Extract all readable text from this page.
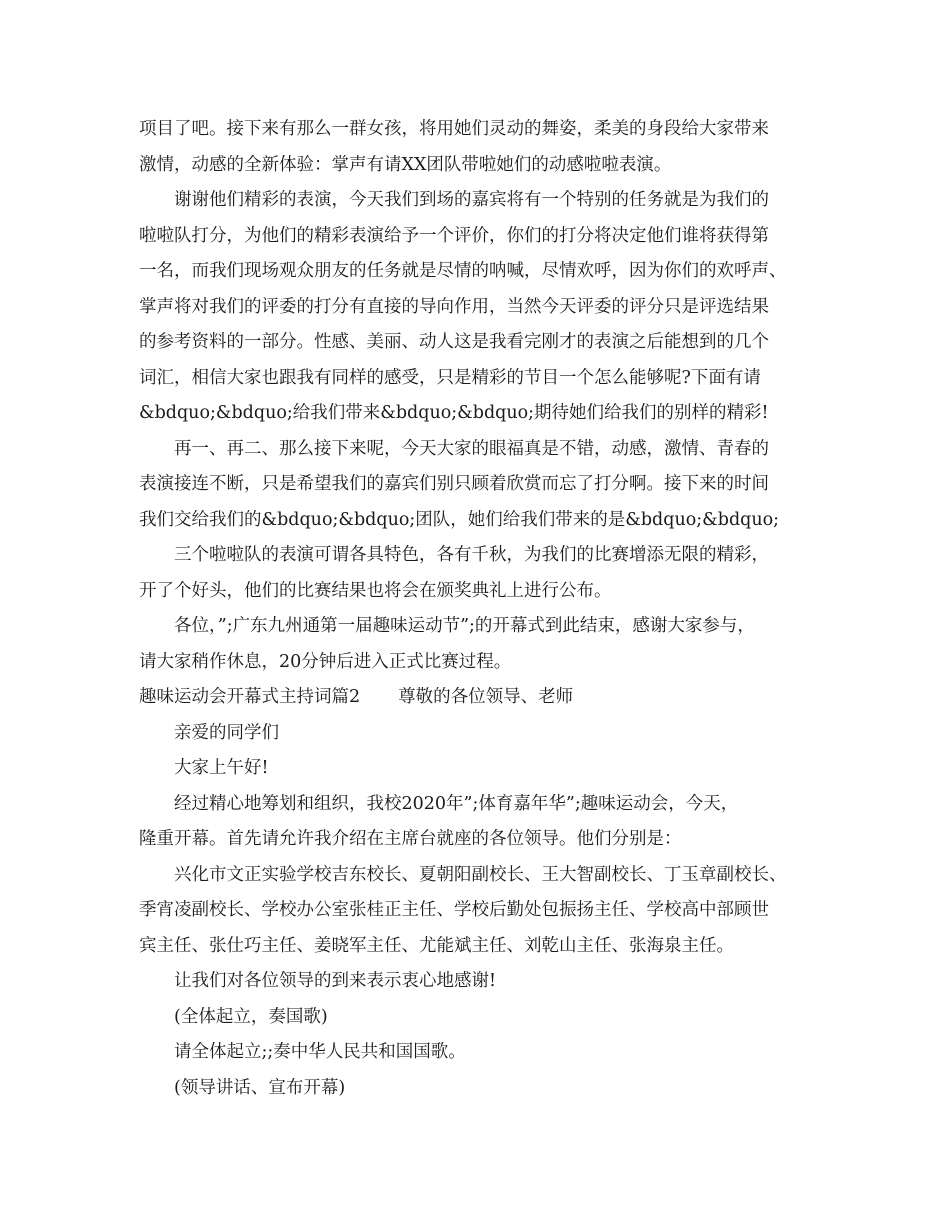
项目了吧。接下来有那么一群女孩，将用她们灵动的舞姿，柔美的身段给大家带来
激情，动感的全新体验：掌声有请XX团队带啦她们的动感啦啦表演。
谢谢他们精彩的表演，今天我们到场的嘉宾将有一个特别的任务就是为我们的
啦啦队打分，为他们的精彩表演给予一个评价，你们的打分将决定他们谁将获得第
一名，而我们现场观众朋友的任务就是尽情的呐喊，尽情欢呼，因为你们的欢呼声、
掌声将对我们的评委的打分有直接的导向作用，当然今天评委的评分只是评选结果
的参考资料的一部分。性感、美丽、动人这是我看完刚才的表演之后能想到的几个
词汇，相信大家也跟我有同样的感受，只是精彩的节目一个怎么能够呢?下面有请
&bdquo;&bdquo;给我们带来&bdquo;&bdquo;期待她们给我们的别样的精彩!
再一、再二、那么接下来呢，今天大家的眼福真是不错，动感，激情、青春的
表演接连不断，只是希望我们的嘉宾们别只顾着欣赏而忘了打分啊。接下来的时间
我们交给我们的&bdquo;&bdquo;团队，她们给我们带来的是&bdquo;&bdquo;
三个啦啦队的表演可谓各具特色，各有千秋，为我们的比赛增添无限的精彩，
开了个好头，他们的比赛结果也将会在颁奖典礼上进行公布。
各位，”;广东九州通第一届趣味运动节”;的开幕式到此结束，感谢大家参与，
请大家稍作休息，20分钟后进入正式比赛过程。
趣味运动会开幕式主持词篇2 尊敬的各位领导、老师
亲爱的同学们
大家上午好!
经过精心地筹划和组织，我校2020年”;体育嘉年华”;趣味运动会，今天，
隆重开幕。首先请允许我介绍在主席台就座的各位领导。他们分别是：
兴化市文正实验学校吉东校长、夏朝阳副校长、王大智副校长、丁玉章副校长、
季宵凌副校长、学校办公室张桂正主任、学校后勤处包振扬主任、学校高中部顾世
宾主任、张仕巧主任、姜晓军主任、尤能斌主任、刘乾山主任、张海泉主任。
让我们对各位领导的到来表示衷心地感谢!
(全体起立，奏国歌)
请全体起立;;奏中华人民共和国国歌。
(领导讲话、宣布开幕)
